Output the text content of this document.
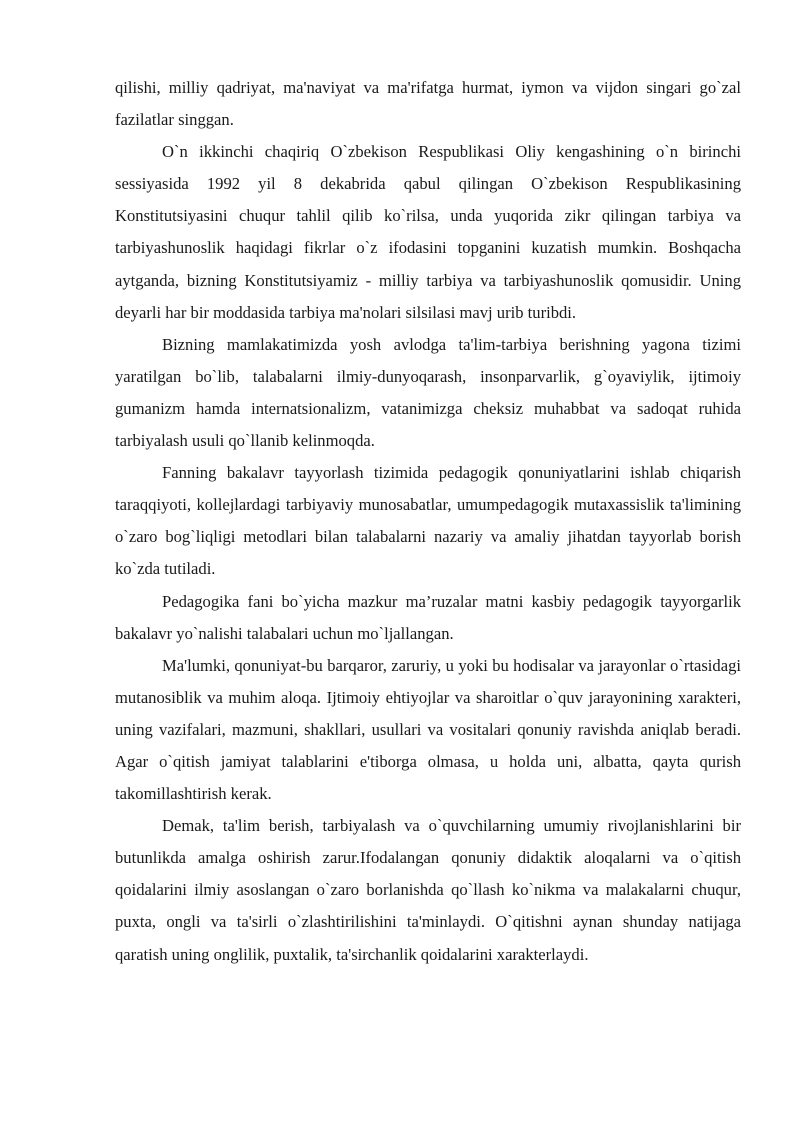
qilishi, milliy qadriyat, ma'naviyat va ma'rifatga hurmat, iymon va vijdon singari go`zal fazilatlar singgan.

O`n ikkinchi chaqiriq O`zbekison Respublikasi Oliy kengashining o`n birinchi sessiyasida 1992 yil 8 dekabrida qabul qilingan O`zbekison Respublikasining Konstitutsiyasini chuqur tahlil qilib ko`rilsa, unda yuqorida zikr qilingan tarbiya va tarbiyashunoslik haqidagi fikrlar o`z ifodasini topganini kuzatish mumkin. Boshqacha aytganda, bizning Konstitutsiyamiz - milliy tarbiya va tarbiyashunoslik qomusidir. Uning deyarli har bir moddasida tarbiya ma'nolari silsilasi mavj urib turibdi.

Bizning mamlakatimizda yosh avlodga ta'lim-tarbiya berishning yagona tizimi yaratilgan bo`lib, talabalarni ilmiy-dunyoqarash, insonparvarlik, g`oyaviylik, ijtimoiy gumanizm hamda internatsionalizm, vatanimizga cheksiz muhabbat va sadoqat ruhida tarbiyalash usuli qo`llanib kelinmoqda.

Fanning bakalavr tayyorlash tizimida pedagogik qonuniyatlarini ishlab chiqarish taraqqiyoti, kollejlardagi tarbiyaviy munosabatlar, umumpedagogik mutaxassislik ta'limining o`zaro bog`liqligi metodlari bilan talabalarni nazariy va amaliy jihatdan tayyorlab borish ko`zda tutiladi.

Pedagogika fani bo`yicha mazkur ma’ruzalar matni kasbiy pedagogik tayyorgarlik bakalavr yo`nalishi talabalari uchun mo`ljallangan.

Ma'lumki, qonuniyat-bu barqaror, zaruriy, u yoki bu hodisalar va jarayonlar o`rtasidagi mutanosiblik va muhim aloqa. Ijtimoiy ehtiyojlar va sharoitlar o`quv jarayonining xarakteri, uning vazifalari, mazmuni, shakllari, usullari va vositalari qonuniy ravishda aniqlab beradi. Agar o`qitish jamiyat talablarini e'tiborga olmasa, u holda uni, albatta, qayta qurish takomillashtirish kerak.

Demak, ta'lim berish, tarbiyalash va o`quvchilarning umumiy rivojlanishlarini bir butunlikda amalga oshirish zarur.Ifodalangan qonuniy didaktik aloqalarni va o`qitish qoidalarini ilmiy asoslangan o`zaro borlanishda qo`llash ko`nikma va malakalarni chuqur, puxta, ongli va ta'sirli o`zlashtirilishini ta'minlaydi. O`qitishni aynan shunday natijaga qaratish uning onglilik, puxtalik, ta'sirchanlik qoidalarini xarakterlaydi.
